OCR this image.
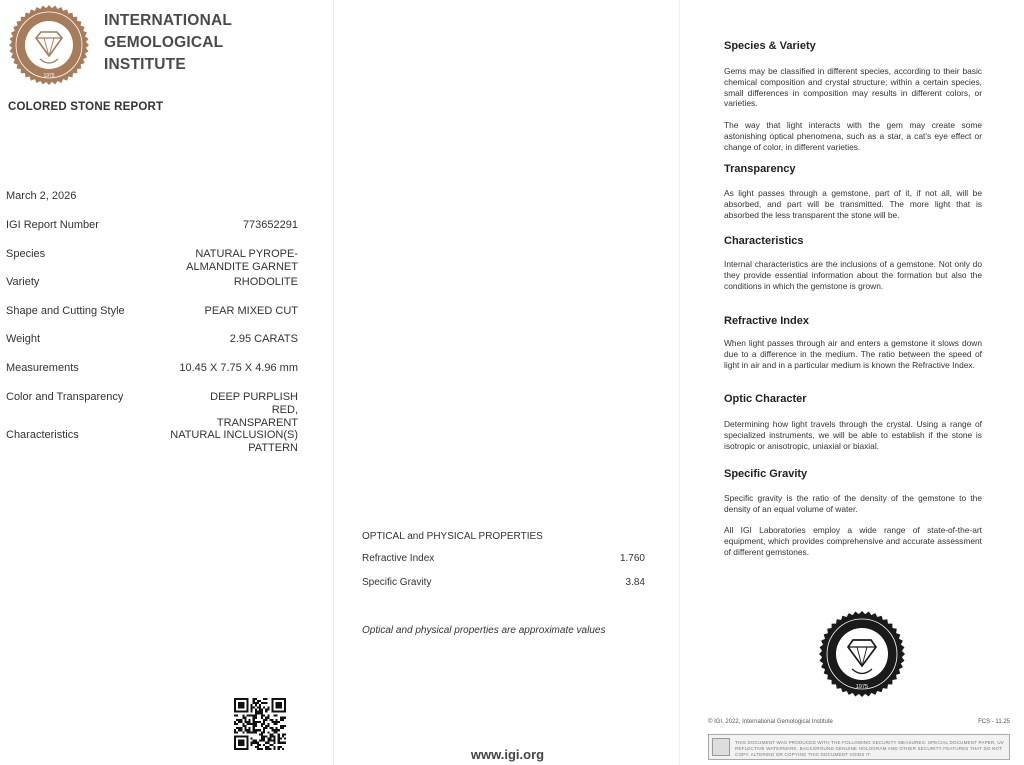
1975
INTERNATIONAL
GEMOLOGICAL
INSTITUTE
COLORED STONE REPORT
March 2, 2026
IGI Report Number	773652291
Species	NATURAL PYROPE-ALMANDITE GARNET
Variety	RHODOLITE
Shape and Cutting Style	PEAR MIXED CUT
Weight	2.95 CARATS
Measurements	10.45 X 7.75 X 4.96 mm
Color and Transparency	DEEP PURPLISH RED, TRANSPARENT
Characteristics	NATURAL INCLUSION(S) PATTERN
OPTICAL and PHYSICAL PROPERTIES
Refractive Index	1.760
Specific Gravity	3.84
Optical and physical properties are approximate values
www.igi.org
Species & Variety
Gems may be classified in different species, according to their basic chemical composition and crystal structure; within a certain species, small differences in composition may results in different colors, or varieties.
The way that light interacts with the gem may create some astonishing optical phenomena, such as a star, a cat’s eye effect or change of color, in different varieties.
Transparency
As light passes through a gemstone, part of it, if not all, will be absorbed, and part will be transmitted. The more light that is absorbed the less transparent the stone will be.
Characteristics
Internal characteristics are the inclusions of a gemstone. Not only do they provide essential information about the formation but also the conditions in which the gemstone is grown.
Refractive Index
When light passes through air and enters a gemstone it slows down due to a difference in the medium. The ratio between the speed of light in air and in a particular medium is known the Refractive Index.
Optic Character
Determining how light travels through the crystal. Using a range of specialized instruments, we will be able to establish if the stone is isotropic or anisotropic, uniaxial or biaxial.
Specific Gravity
Specific gravity is the ratio of the density of the gemstone to the density of an equal volume of water.
All IGI Laboratories employ a wide range of state-of-the-art equipment, which provides comprehensive and accurate assessment of different gemstones.
1975
© IGI, 2022, International Gemological Institute	FCS - 11.25
THIS DOCUMENT WAS PRODUCED WITH THE FOLLOWING SECURITY MEASURES: SPECIAL DOCUMENT PAPER, UV REFLECTIVE WATERMARK, BACKGROUND GENUINE HOLOGRAM AND OTHER SECURITY FEATURES THAT DO NOT COPY. ALTERING OR COPYING THIS DOCUMENT VOIDS IT.
